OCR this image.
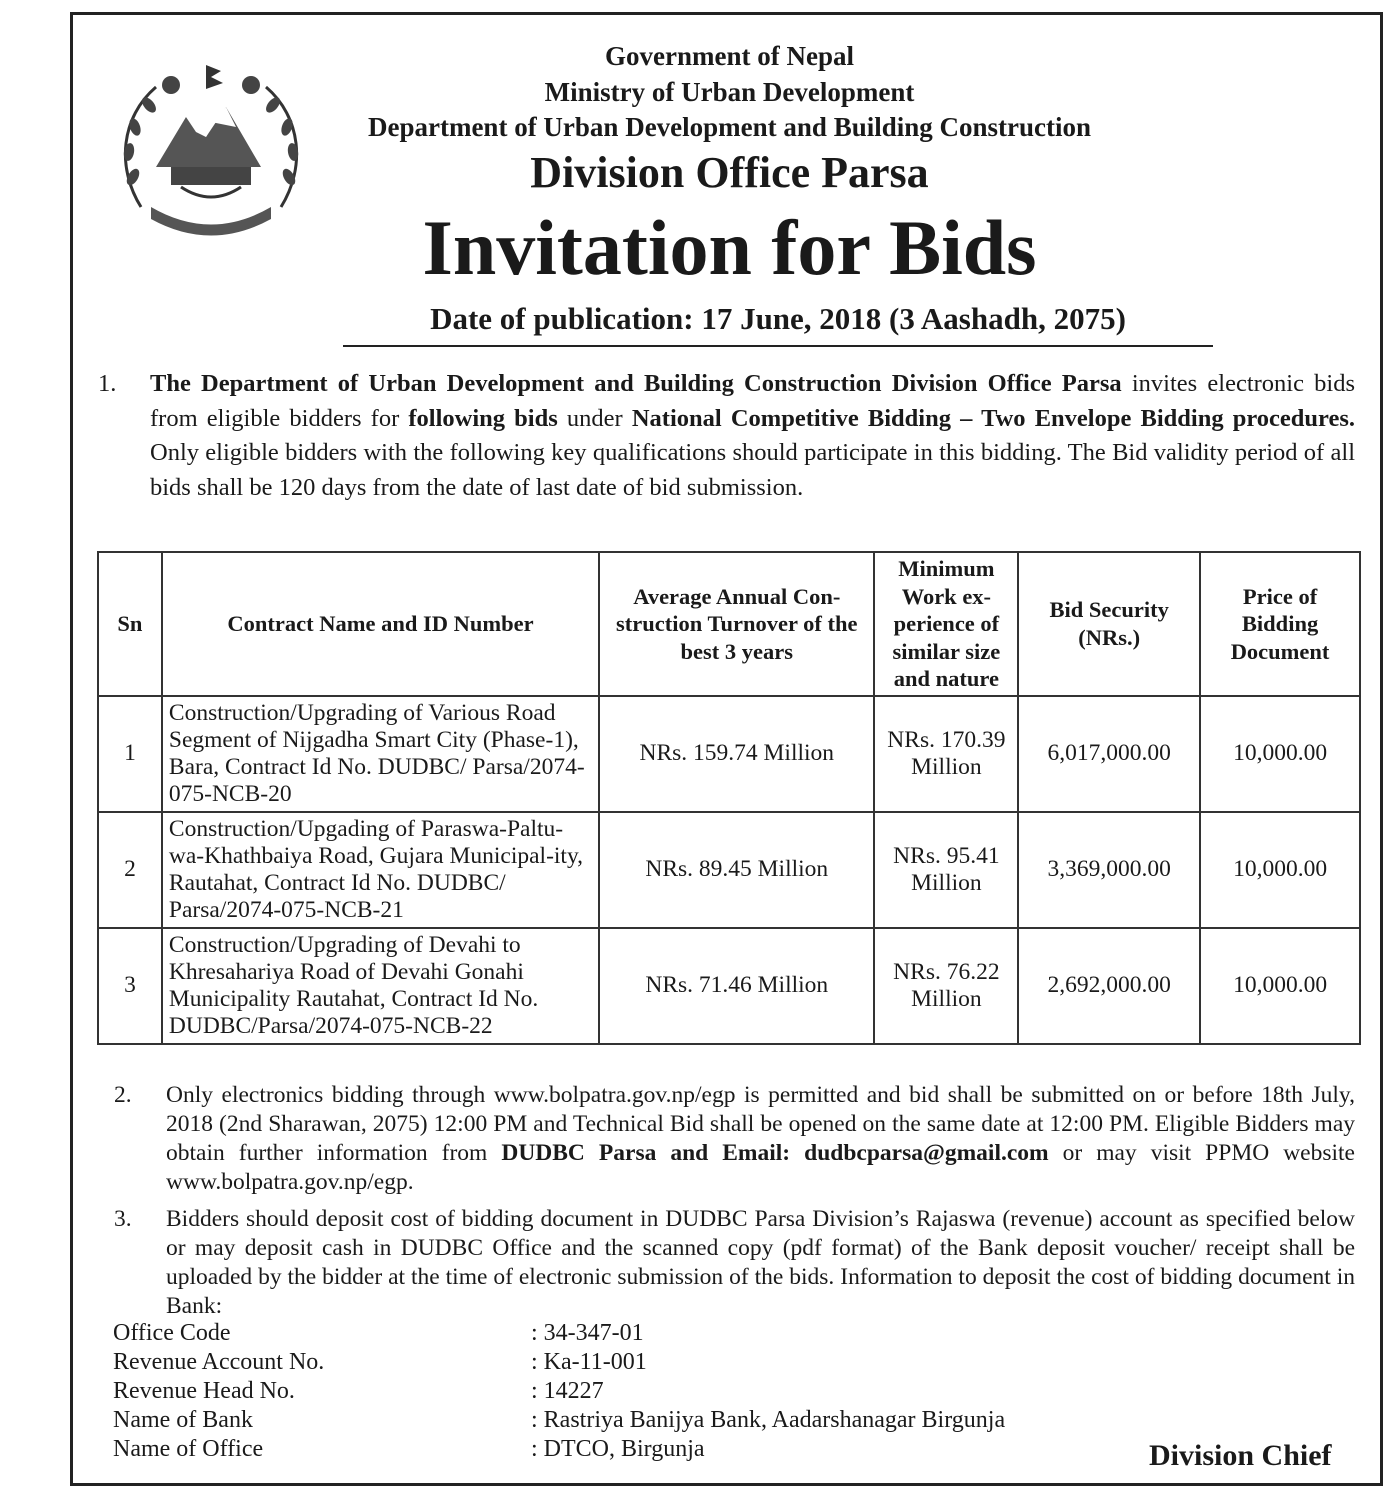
Government of Nepal
Ministry of Urban Development
Department of Urban Development and Building Construction
Division Office Parsa
Invitation for Bids
Date of publication: 17 June, 2018 (3 Aashadh, 2075)
1. The Department of Urban Development and Building Construction Division Office Parsa invites electronic bids from eligible bidders for following bids under National Competitive Bidding – Two Envelope Bidding procedures. Only eligible bidders with the following key qualifications should participate in this bidding. The Bid validity period of all bids shall be 120 days from the date of last date of bid submission.
Sn	Contract Name and ID Number	Average Annual Con-struction Turnover of the best 3 years	Minimum Work ex-perience of similar size and nature	Bid Security (NRs.)	Price of Bidding Document
1	Construction/Upgrading of Various Road Segment of Nijgadha Smart City (Phase-1), Bara, Contract Id No. DUDBC/ Parsa/2074-075-NCB-20	NRs. 159.74 Million	NRs. 170.39 Million	6,017,000.00	10,000.00
2	Construction/Upgading of Paraswa-Paltu-wa-Khathbaiya Road, Gujara Municipal-ity, Rautahat, Contract Id No. DUDBC/ Parsa/2074-075-NCB-21	NRs. 89.45 Million	NRs. 95.41 Million	3,369,000.00	10,000.00
3	Construction/Upgrading of Devahi to Khresahariya Road of Devahi Gonahi Municipality Rautahat, Contract Id No. DUDBC/Parsa/2074-075-NCB-22	NRs. 71.46 Million	NRs. 76.22 Million	2,692,000.00	10,000.00
2. Only electronics bidding through www.bolpatra.gov.np/egp is permitted and bid shall be submitted on or before 18th July, 2018 (2nd Sharawan, 2075) 12:00 PM and Technical Bid shall be opened on the same date at 12:00 PM. Eligible Bidders may obtain further information from DUDBC Parsa and Email: dudbcparsa@gmail.com or may visit PPMO website www.bolpatra.gov.np/egp.
3. Bidders should deposit cost of bidding document in DUDBC Parsa Division’s Rajaswa (revenue) account as specified below or may deposit cash in DUDBC Office and the scanned copy (pdf format) of the Bank deposit voucher/ receipt shall be uploaded by the bidder at the time of electronic submission of the bids. Information to deposit the cost of bidding document in Bank:
Office Code	: 34-347-01
Revenue Account No.	: Ka-11-001
Revenue Head No.	: 14227
Name of Bank	: Rastriya Banijya Bank, Aadarshanagar Birgunja
Name of Office	: DTCO, Birgunja	Division Chief
